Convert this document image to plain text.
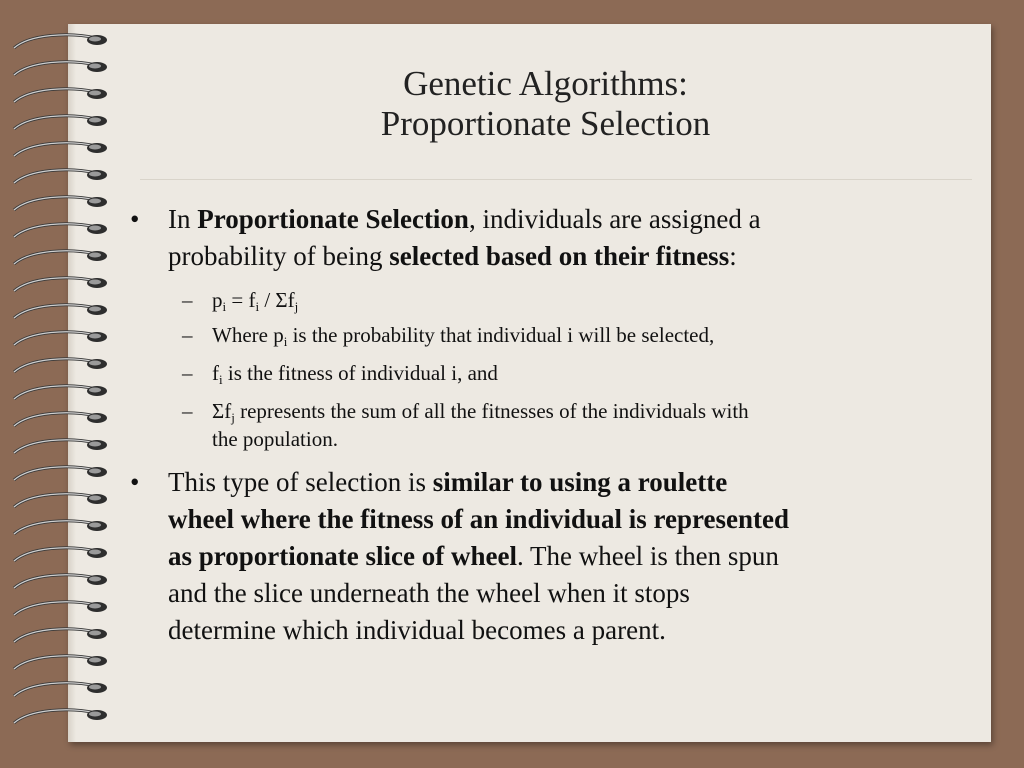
Genetic Algorithms:
Proportionate Selection
• In Proportionate Selection, individuals are assigned a
probability of being selected based on their fitness:
– $p_i = f_i / \Sigma f_j$
– Where $p_i$ is the probability that individual i will be selected,
– $f_i$ is the fitness of individual i, and
– $\Sigma f_j$ represents the sum of all the fitnesses of the individuals with
the population.
• This type of selection is similar to using a roulette
wheel where the fitness of an individual is represented
as proportionate slice of wheel. The wheel is then spun
and the slice underneath the wheel when it stops
determine which individual becomes a parent.
